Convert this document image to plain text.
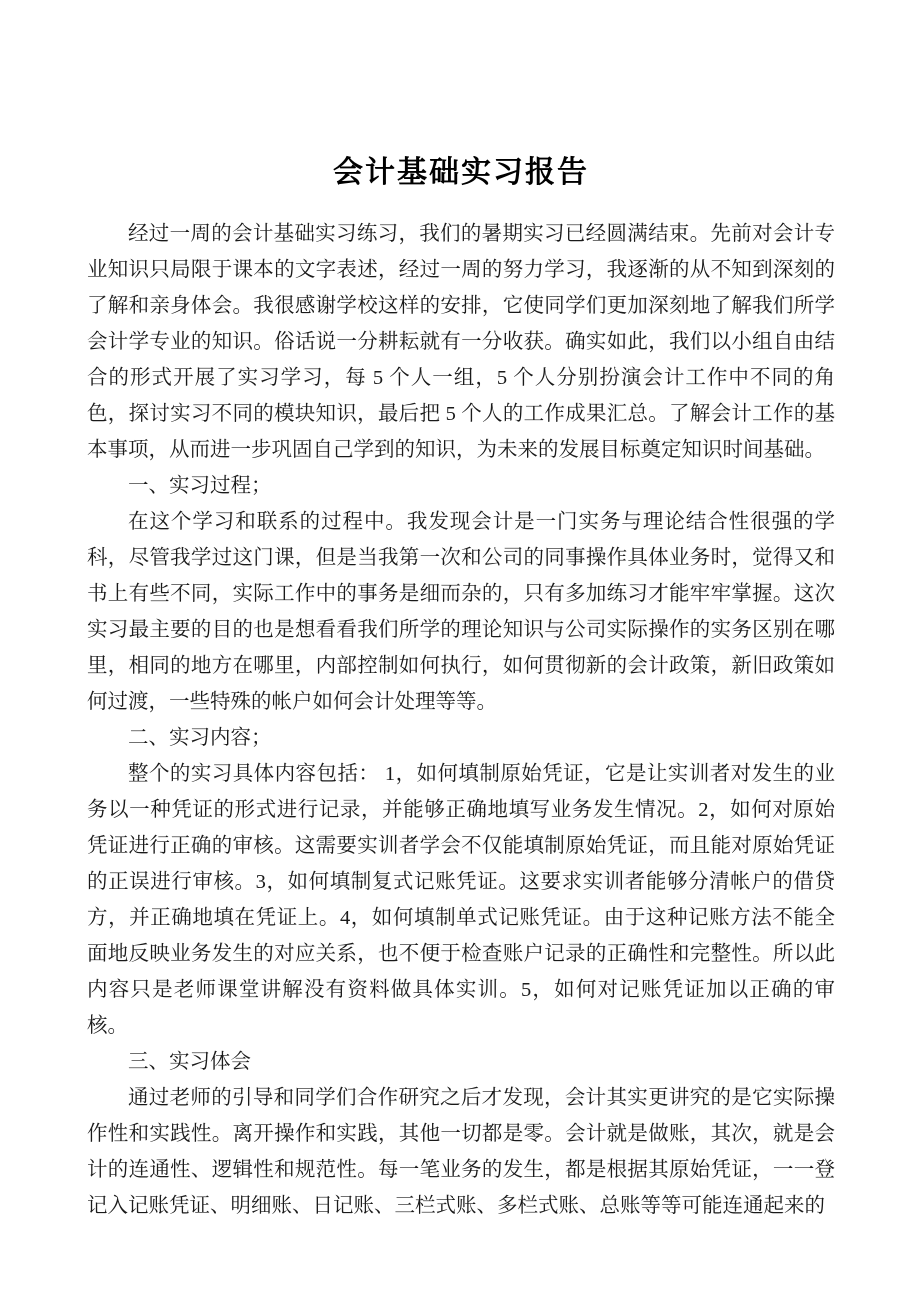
会计基础实习报告

经过一周的会计基础实习练习，我们的暑期实习已经圆满结束。先前对会计专业知识只局限于课本的文字表述，经过一周的努力学习，我逐渐的从不知到深刻的了解和亲身体会。我很感谢学校这样的安排，它使同学们更加深刻地了解我们所学会计学专业的知识。俗话说一分耕耘就有一分收获。确实如此，我们以小组自由结合的形式开展了实习学习，每 5 个人一组，5 个人分别扮演会计工作中不同的角色，探讨实习不同的模块知识，最后把 5 个人的工作成果汇总。了解会计工作的基本事项，从而进一步巩固自己学到的知识，为未来的发展目标奠定知识时间基础。

一、实习过程；

在这个学习和联系的过程中。我发现会计是一门实务与理论结合性很强的学科，尽管我学过这门课，但是当我第一次和公司的同事操作具体业务时，觉得又和书上有些不同，实际工作中的事务是细而杂的，只有多加练习才能牢牢掌握。这次实习最主要的目的也是想看看我们所学的理论知识与公司实际操作的实务区别在哪里，相同的地方在哪里，内部控制如何执行，如何贯彻新的会计政策，新旧政策如何过渡，一些特殊的帐户如何会计处理等等。

二、实习内容；

整个的实习具体内容包括： 1，如何填制原始凭证，它是让实训者对发生的业务以一种凭证的形式进行记录，并能够正确地填写业务发生情况。2，如何对原始凭证进行正确的审核。这需要实训者学会不仅能填制原始凭证，而且能对原始凭证的正误进行审核。3，如何填制复式记账凭证。这要求实训者能够分清帐户的借贷方，并正确地填在凭证上。4，如何填制单式记账凭证。由于这种记账方法不能全面地反映业务发生的对应关系，也不便于检查账户记录的正确性和完整性。所以此内容只是老师课堂讲解没有资料做具体实训。5，如何对记账凭证加以正确的审核。

三、实习体会

通过老师的引导和同学们合作研究之后才发现，会计其实更讲究的是它实际操作性和实践性。离开操作和实践，其他一切都是零。会计就是做账，其次，就是会计的连通性、逻辑性和规范性。每一笔业务的发生，都是根据其原始凭证，一一登记入记账凭证、明细账、日记账、三栏式账、多栏式账、总账等等可能连通起来的
